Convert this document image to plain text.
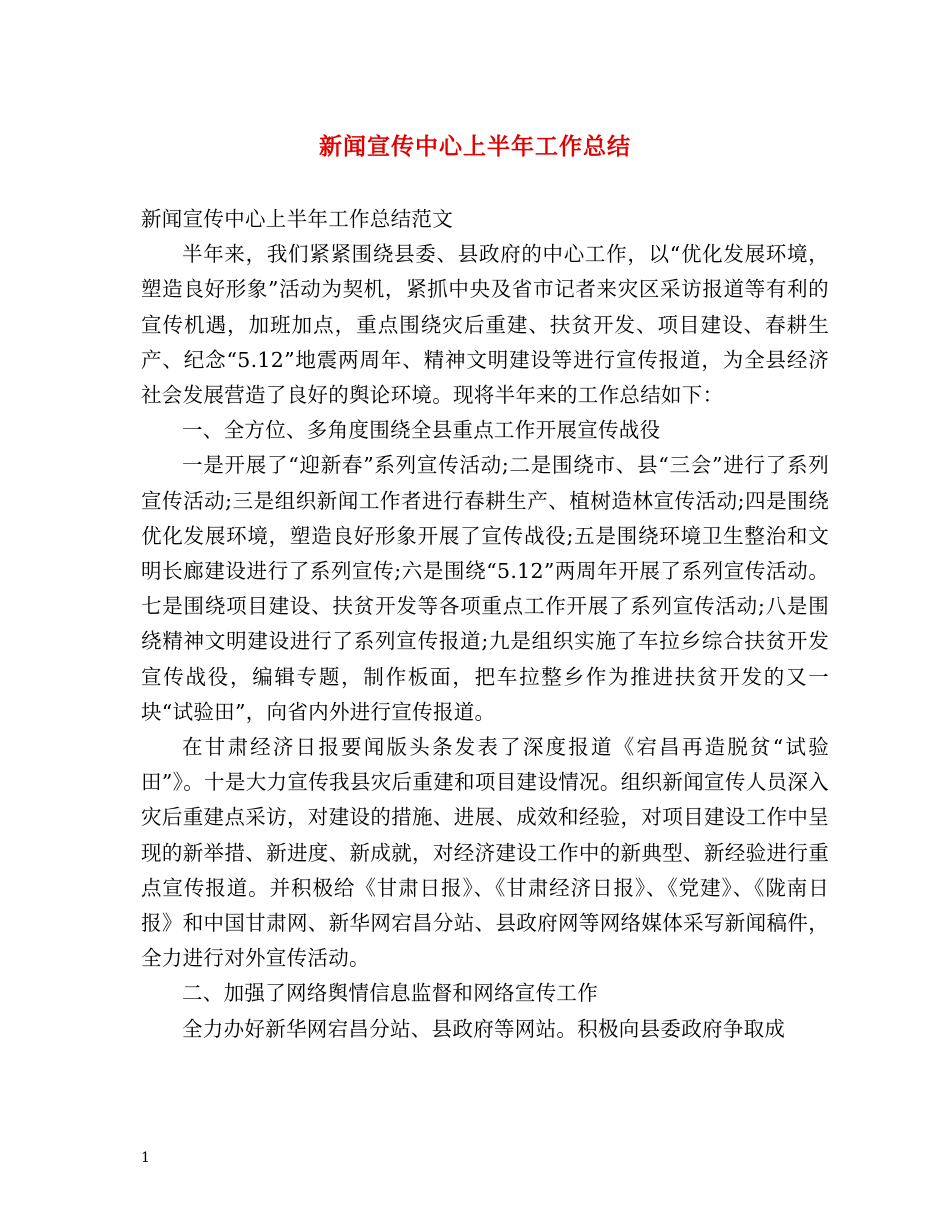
新闻宣传中心上半年工作总结

新闻宣传中心上半年工作总结范文

半年来，我们紧紧围绕县委、县政府的中心工作，以“优化发展环境，塑造良好形象”活动为契机，紧抓中央及省市记者来灾区采访报道等有利的宣传机遇，加班加点，重点围绕灾后重建、扶贫开发、项目建设、春耕生产、纪念“5.12”地震两周年、精神文明建设等进行宣传报道，为全县经济社会发展营造了良好的舆论环境。现将半年来的工作总结如下：

一、全方位、多角度围绕全县重点工作开展宣传战役

一是开展了“迎新春”系列宣传活动;二是围绕市、县“三会”进行了系列宣传活动;三是组织新闻工作者进行春耕生产、植树造林宣传活动;四是围绕优化发展环境，塑造良好形象开展了宣传战役;五是围绕环境卫生整治和文明长廊建设进行了系列宣传;六是围绕“5.12”两周年开展了系列宣传活动。七是围绕项目建设、扶贫开发等各项重点工作开展了系列宣传活动;八是围绕精神文明建设进行了系列宣传报道;九是组织实施了车拉乡综合扶贫开发宣传战役，编辑专题，制作板面，把车拉整乡作为推进扶贫开发的又一块“试验田”，向省内外进行宣传报道。

在甘肃经济日报要闻版头条发表了深度报道《宕昌再造脱贫“试验田”》。十是大力宣传我县灾后重建和项目建设情况。组织新闻宣传人员深入灾后重建点采访，对建设的措施、进展、成效和经验，对项目建设工作中呈现的新举措、新进度、新成就，对经济建设工作中的新典型、新经验进行重点宣传报道。并积极给《甘肃日报》、《甘肃经济日报》、《党建》、《陇南日报》和中国甘肃网、新华网宕昌分站、县政府网等网络媒体采写新闻稿件，全力进行对外宣传活动。

二、加强了网络舆情信息监督和网络宣传工作

全力办好新华网宕昌分站、县政府等网站。积极向县委政府争取成

1
